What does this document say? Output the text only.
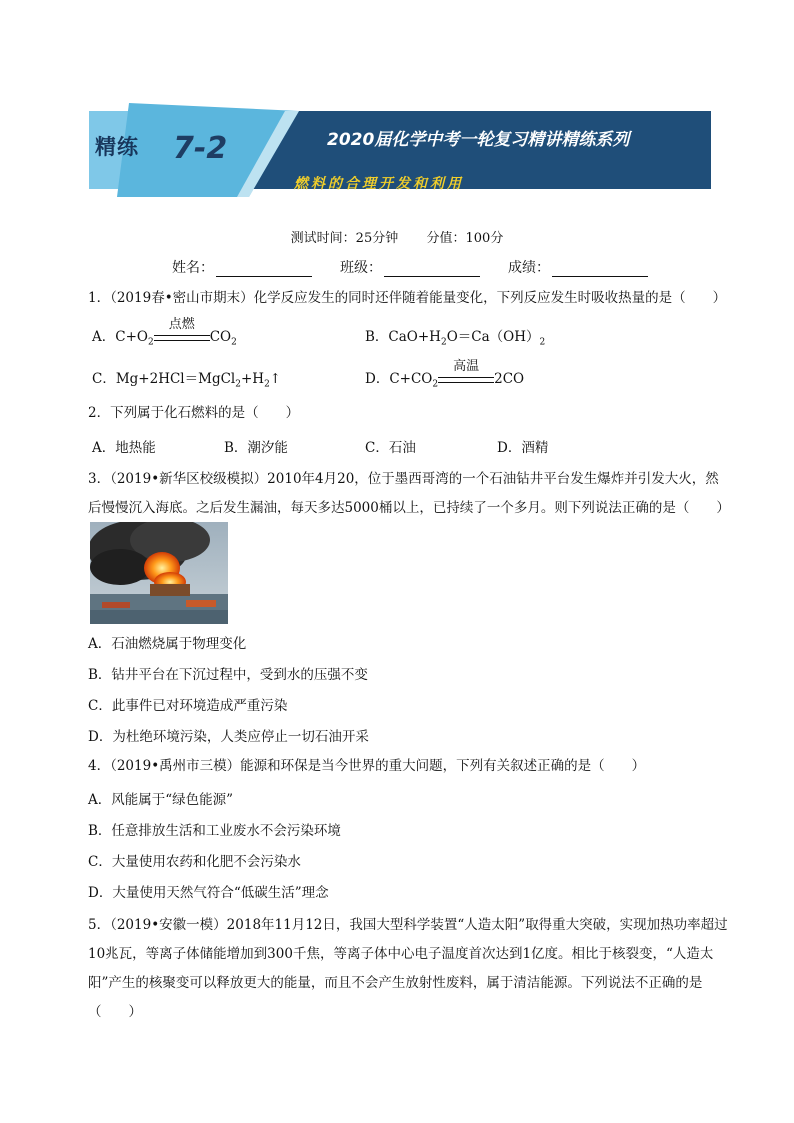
精练 7-2	2020届化学中考一轮复习精讲精练系列
燃料的合理开发和利用
测试时间：25分钟 分值：100分
姓名：	班级：	成绩：
1．（2019春•密山市期末）化学反应发生的同时还伴随着能量变化，下列反应发生时吸收热量的是（　　）
A．$C+O_2$
点燃
$CO_2$	B．$CaO+H_2O=Ca(OH)_2$
C．$Mg+2HCl=MgCl_2+H_2↑$	D．$C+CO_2$
高温
2CO
2．下列属于化石燃料的是（　　）
A．地热能	B．潮汐能	C．石油	D．酒精
3．（2019•新华区校级模拟）2010年4月20，位于墨西哥湾的一个石油钻井平台发生爆炸并引发大火，然后慢慢沉入海底。之后发生漏油，每天多达5000桶以上，已持续了一个多月。则下列说法正确的是（　　）
A．石油燃烧属于物理变化
B．钻井平台在下沉过程中，受到水的压强不变
C．此事件已对环境造成严重污染
D．为杜绝环境污染，人类应停止一切石油开采
4．（2019•禹州市三模）能源和环保是当今世界的重大问题，下列有关叙述正确的是（　　）
A．风能属于“绿色能源”
B．任意排放生活和工业废水不会污染环境
C．大量使用农药和化肥不会污染水
D．大量使用天然气符合“低碳生活”理念
5．（2019•安徽一模）2018年11月12日，我国大型科学装置“人造太阳”取得重大突破，实现加热功率超过10兆瓦，等离子体储能增加到300千焦，等离子体中心电子温度首次达到1亿度。相比于核裂变，“人造太阳”产生的核聚变可以释放更大的能量，而且不会产生放射性废料，属于清洁能源。下列说法不正确的是（　　）
